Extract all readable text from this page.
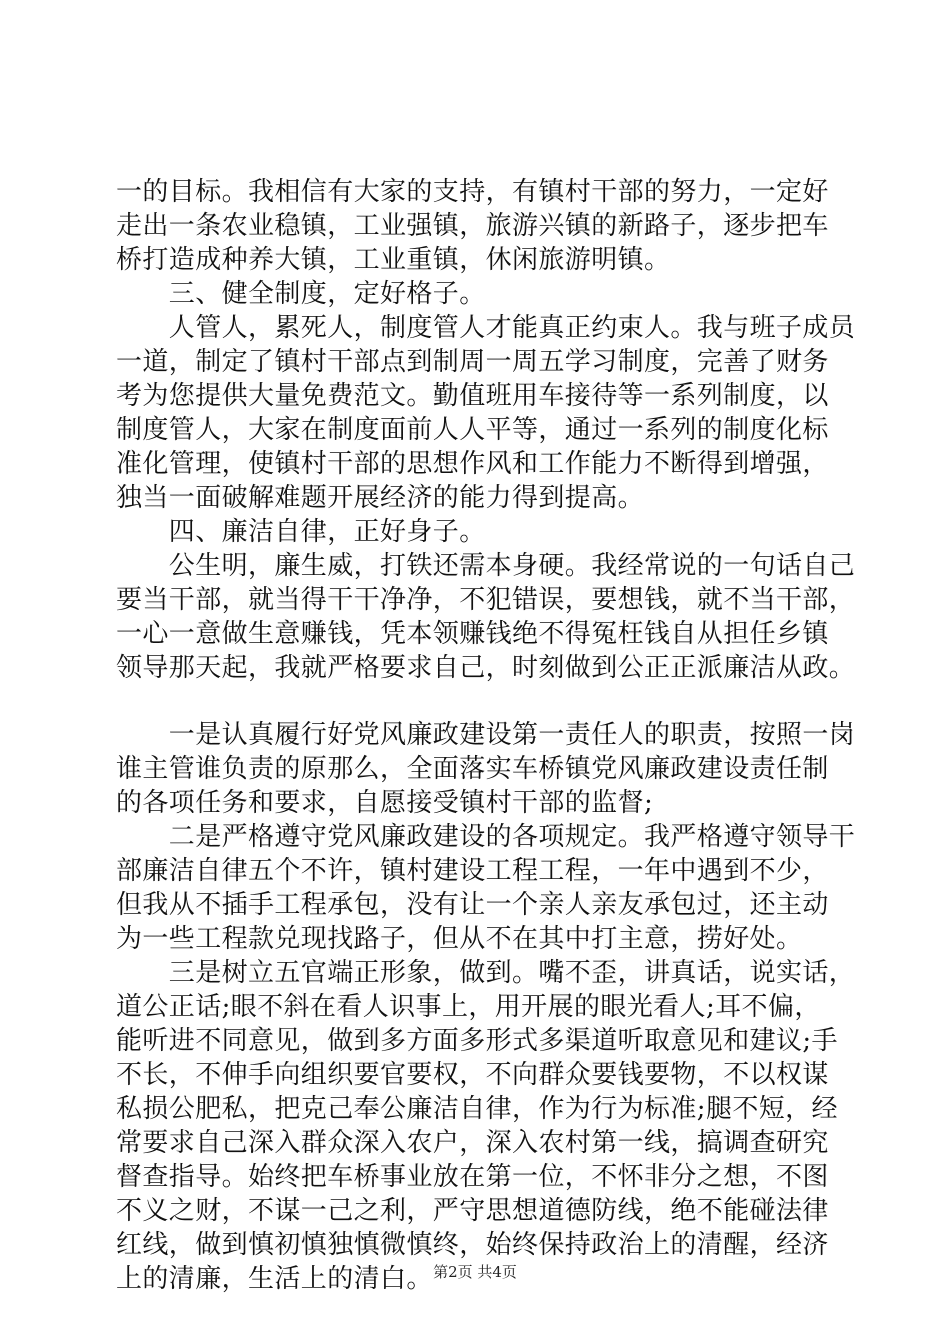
一的目标。我相信有大家的支持，有镇村干部的努力，一定好
走出一条农业稳镇，工业强镇，旅游兴镇的新路子，逐步把车
桥打造成种养大镇，工业重镇，休闲旅游明镇。
　　三、健全制度，定好格子。
　　人管人，累死人，制度管人才能真正约束人。我与班子成员
一道，制定了镇村干部点到制周一周五学习制度，完善了财务
考为您提供大量免费范文。勤值班用车接待等一系列制度，以
制度管人，大家在制度面前人人平等，通过一系列的制度化标
准化管理，使镇村干部的思想作风和工作能力不断得到增强，
独当一面破解难题开展经济的能力得到提高。
　　四、廉洁自律，正好身子。
　　公生明，廉生威，打铁还需本身硬。我经常说的一句话自己
要当干部，就当得干干净净，不犯错误，要想钱，就不当干部，
一心一意做生意赚钱，凭本领赚钱绝不得冤枉钱自从担任乡镇
领导那天起，我就严格要求自己，时刻做到公正正派廉洁从政。
　　一是认真履行好党风廉政建设第一责任人的职责，按照一岗
谁主管谁负责的原那么，全面落实车桥镇党风廉政建设责任制
的各项任务和要求，自愿接受镇村干部的监督;
　　二是严格遵守党风廉政建设的各项规定。我严格遵守领导干
部廉洁自律五个不许，镇村建设工程工程，一年中遇到不少，
但我从不插手工程承包，没有让一个亲人亲友承包过，还主动
为一些工程款兑现找路子，但从不在其中打主意，捞好处。
　　三是树立五官端正形象，做到。嘴不歪，讲真话，说实话，
道公正话;眼不斜在看人识事上，用开展的眼光看人;耳不偏，
能听进不同意见，做到多方面多形式多渠道听取意见和建议;手
不长，不伸手向组织要官要权，不向群众要钱要物，不以权谋
私损公肥私，把克己奉公廉洁自律，作为行为标准;腿不短，经
常要求自己深入群众深入农户，深入农村第一线，搞调查研究
督查指导。始终把车桥事业放在第一位，不怀非分之想，不图
不义之财，不谋一己之利，严守思想道德防线，绝不能碰法律
红线，做到慎初慎独慎微慎终，始终保持政治上的清醒，经济
上的清廉，生活上的清白。 第2页 共4页
